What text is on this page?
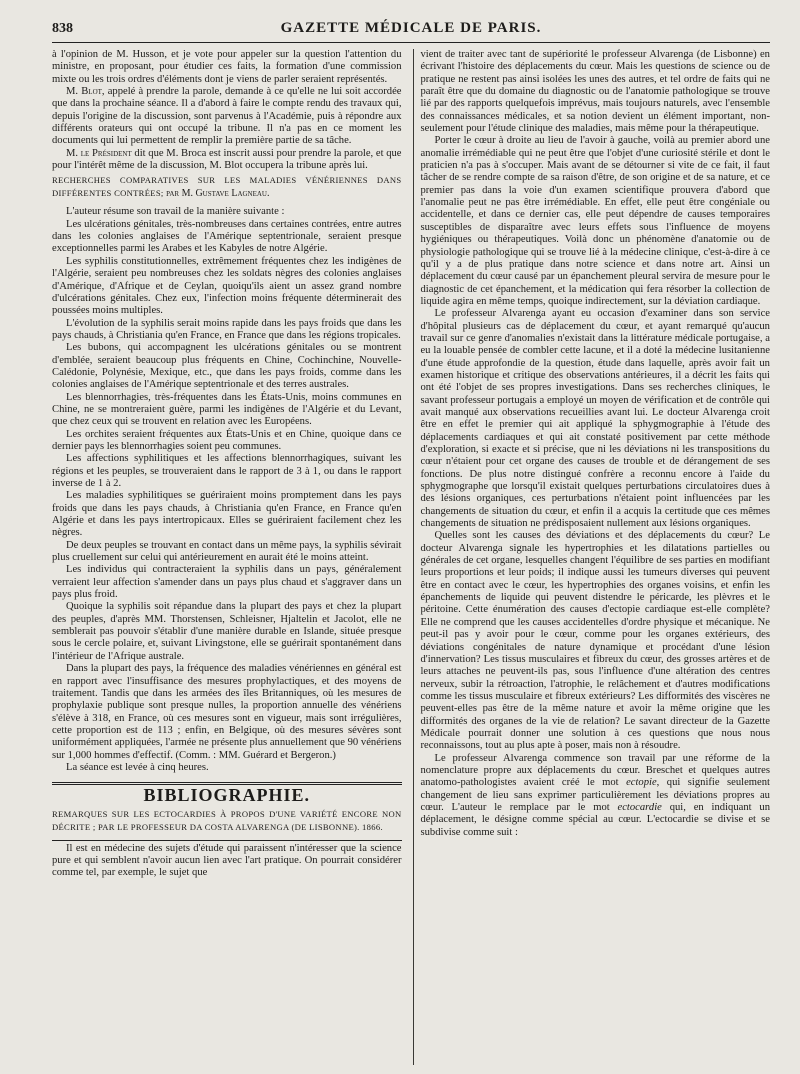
838	GAZETTE MÉDICALE DE PARIS.

à l'opinion de M. Husson, et je vote pour appeler sur la question l'attention du ministre, en proposant, pour étudier ces faits, la formation d'une commission mixte ou les trois ordres d'éléments dont je viens de parler seraient représentés.

M. Blot, appelé à prendre la parole, demande à ce qu'elle ne lui soit accordée que dans la prochaine séance. Il a d'abord à faire le compte rendu des travaux qui, depuis l'origine de la discussion, sont parvenus à l'Académie, puis à répondre aux différents orateurs qui ont occupé la tribune. Il n'a pas en ce moment les documents qui lui permettent de remplir la première partie de sa tâche.

M. le Président dit que M. Broca est inscrit aussi pour prendre la parole, et que pour l'intérêt même de la discussion, M. Blot occupera la tribune après lui.

RECHERCHES COMPARATIVES SUR LES MALADIES VÉNÉRIENNES DANS DIFFÉRENTES CONTRÉES; par M. Gustave Lagneau.

L'auteur résume son travail de la manière suivante :

Les ulcérations génitales, très-nombreuses dans certaines contrées, entre autres dans les colonies anglaises de l'Amérique septentrionale, seraient presque exceptionnelles parmi les Arabes et les Kabyles de notre Algérie.

Les syphilis constitutionnelles, extrêmement fréquentes chez les indigènes de l'Algérie, seraient peu nombreuses chez les soldats nègres des colonies anglaises d'Amérique, d'Afrique et de Ceylan, quoiqu'ils aient un assez grand nombre d'ulcérations génitales. Chez eux, l'infection moins fréquente déterminerait des poussées moins multiples.

L'évolution de la syphilis serait moins rapide dans les pays froids que dans les pays chauds, à Christiania qu'en France, en France que dans les régions tropicales.

Les bubons, qui accompagnent les ulcérations génitales ou se montrent d'emblée, seraient beaucoup plus fréquents en Chine, Cochinchine, Nouvelle-Calédonie, Polynésie, Mexique, etc., que dans les pays froids, comme dans les colonies anglaises de l'Amérique septentrionale et des terres australes.

Les blennorrhagies, très-fréquentes dans les États-Unis, moins communes en Chine, ne se montreraient guère, parmi les indigènes de l'Algérie et du Levant, que chez ceux qui se trouvent en relation avec les Européens.

Les orchites seraient fréquentes aux États-Unis et en Chine, quoique dans ce dernier pays les blennorrhagies soient peu communes.

Les affections syphilitiques et les affections blennorrhagiques, suivant les régions et les peuples, se trouveraient dans le rapport de 3 à 1, ou dans le rapport inverse de 1 à 2.

Les maladies syphilitiques se guériraient moins promptement dans les pays froids que dans les pays chauds, à Christiania qu'en France, en France qu'en Algérie et dans les pays intertropicaux. Elles se guériraient facilement chez les nègres.

De deux peuples se trouvant en contact dans un même pays, la syphilis sévirait plus cruellement sur celui qui antérieurement en aurait été le moins atteint.

Les individus qui contracteraient la syphilis dans un pays, généralement verraient leur affection s'amender dans un pays plus chaud et s'aggraver dans un pays plus froid.

Quoique la syphilis soit répandue dans la plupart des pays et chez la plupart des peuples, d'après MM. Thorstensen, Schleisner, Hjaltelin et Jacolot, elle ne semblerait pas pouvoir s'établir d'une manière durable en Islande, située presque sous le cercle polaire, et, suivant Livingstone, elle se guérirait spontanément dans l'intérieur de l'Afrique australe.

Dans la plupart des pays, la fréquence des maladies vénériennes en général est en rapport avec l'insuffisance des mesures prophylactiques, et des moyens de traitement. Tandis que dans les armées des îles Britanniques, où les mesures de prophylaxie publique sont presque nulles, la proportion annuelle des vénériens s'élève à 318, en France, où ces mesures sont en vigueur, mais sont irrégulières, cette proportion est de 113 ; enfin, en Belgique, où des mesures sévères sont uniformément appliquées, l'armée ne présente plus annuellement que 90 vénériens sur 1,000 hommes d'effectif. (Comm. : MM. Guérard et Bergeron.)

La séance est levée à cinq heures.

BIBLIOGRAPHIE.

REMARQUES SUR LES ECTOCARDIES À PROPOS D'UNE VARIÉTÉ ENCORE NON DÉCRITE ; PAR LE PROFESSEUR DA COSTA ALVARENGA (DE LISBONNE). 1866.

Il est en médecine des sujets d'étude qui paraissent n'intéresser que la science pure et qui semblent n'avoir aucun lien avec l'art pratique. On pourrait considérer comme tel, par exemple, le sujet que

vient de traiter avec tant de supériorité le professeur Alvarenga (de Lisbonne) en écrivant l'histoire des déplacements du cœur. Mais les questions de science ou de pratique ne restent pas ainsi isolées les unes des autres, et tel ordre de faits qui ne paraît être que du domaine du diagnostic ou de l'anatomie pathologique se trouve lié par des rapports quelquefois imprévus, mais toujours naturels, avec l'ensemble des connaissances médicales, et sa notion devient un élément important, non-seulement pour l'étude clinique des maladies, mais même pour la thérapeutique.

Porter le cœur à droite au lieu de l'avoir à gauche, voilà au premier abord une anomalie irrémédiable qui ne peut être que l'objet d'une curiosité stérile et dont le praticien n'a pas à s'occuper. Mais avant de se détourner si vite de ce fait, il faut tâcher de se rendre compte de sa raison d'être, de son origine et de sa nature, et ce premier pas dans la voie d'un examen scientifique prouvera d'abord que l'anomalie peut ne pas être irrémédiable. En effet, elle peut être congéniale ou accidentelle, et dans ce dernier cas, elle peut dépendre de causes temporaires susceptibles de disparaître avec leurs effets sous l'influence de moyens hygiéniques ou thérapeutiques. Voilà donc un phénomène d'anatomie ou de physiologie pathologique qui se trouve lié à la médecine clinique, c'est-à-dire à ce qu'il y a de plus pratique dans notre science et dans notre art. Ainsi un déplacement du cœur causé par un épanchement pleural servira de mesure pour le diagnostic de cet épanchement, et la médication qui fera résorber la collection de liquide agira en même temps, quoique indirectement, sur la déviation cardiaque.

Le professeur Alvarenga ayant eu occasion d'examiner dans son service d'hôpital plusieurs cas de déplacement du cœur, et ayant remarqué qu'aucun travail sur ce genre d'anomalies n'existait dans la littérature médicale portugaise, a eu la louable pensée de combler cette lacune, et il a doté la médecine lusitanienne d'une étude approfondie de la question, étude dans laquelle, après avoir fait un examen historique et critique des observations antérieures, il a décrit les faits qui ont été l'objet de ses propres investigations. Dans ses recherches cliniques, le savant professeur portugais a employé un moyen de vérification et de contrôle qui avait manqué aux observations recueillies avant lui. Le docteur Alvarenga croit être en effet le premier qui ait appliqué la sphygmographie à l'étude des déplacements cardiaques et qui ait constaté positivement par cette méthode d'exploration, si exacte et si précise, que ni les déviations ni les transpositions du cœur n'étaient pour cet organe des causes de trouble et de dérangement de ses fonctions. De plus notre distingué confrère a reconnu encore à l'aide du sphygmographe que lorsqu'il existait quelques perturbations circulatoires dues à des lésions organiques, ces perturbations n'étaient point influencées par les changements de situation du cœur, et enfin il a acquis la certitude que ces mêmes changements de situation ne prédisposaient nullement aux lésions organiques.

Quelles sont les causes des déviations et des déplacements du cœur? Le docteur Alvarenga signale les hypertrophies et les dilatations partielles ou générales de cet organe, lesquelles changent l'équilibre de ses parties en modifiant leurs proportions et leur poids; il indique aussi les tumeurs diverses qui peuvent être en contact avec le cœur, les hypertrophies des organes voisins, et enfin les épanchements de liquide qui peuvent distendre le péricarde, les plèvres et le péritoine. Cette énumération des causes d'ectopie cardiaque est-elle complète? Elle ne comprend que les causes accidentelles d'ordre physique et mécanique. Ne peut-il pas y avoir pour le cœur, comme pour les organes extérieurs, des déviations congénitales de nature dynamique et procédant d'une lésion d'innervation? Les tissus musculaires et fibreux du cœur, des grosses artères et de leurs attaches ne peuvent-ils pas, sous l'influence d'une altération des centres nerveux, subir la rétroaction, l'atrophie, le relâchement et d'autres modifications comme les tissus musculaire et fibreux extérieurs? Les difformités des viscères ne peuvent-elles pas être de la même nature et avoir la même origine que les difformités des organes de la vie de relation? Le savant directeur de la Gazette Médicale pourrait donner une solution à ces questions que nous nous reconnaissons, tout au plus apte à poser, mais non à résoudre.

Le professeur Alvarenga commence son travail par une réforme de la nomenclature propre aux déplacements du cœur. Breschet et quelques autres anatomo-pathologistes avaient créé le mot ectopie, qui signifie seulement changement de lieu sans exprimer particulièrement les déviations propres au cœur. L'auteur le remplace par le mot ectocardie qui, en indiquant un déplacement, le désigne comme spécial au cœur. L'ectocardie se divise et se subdivise comme suit :
